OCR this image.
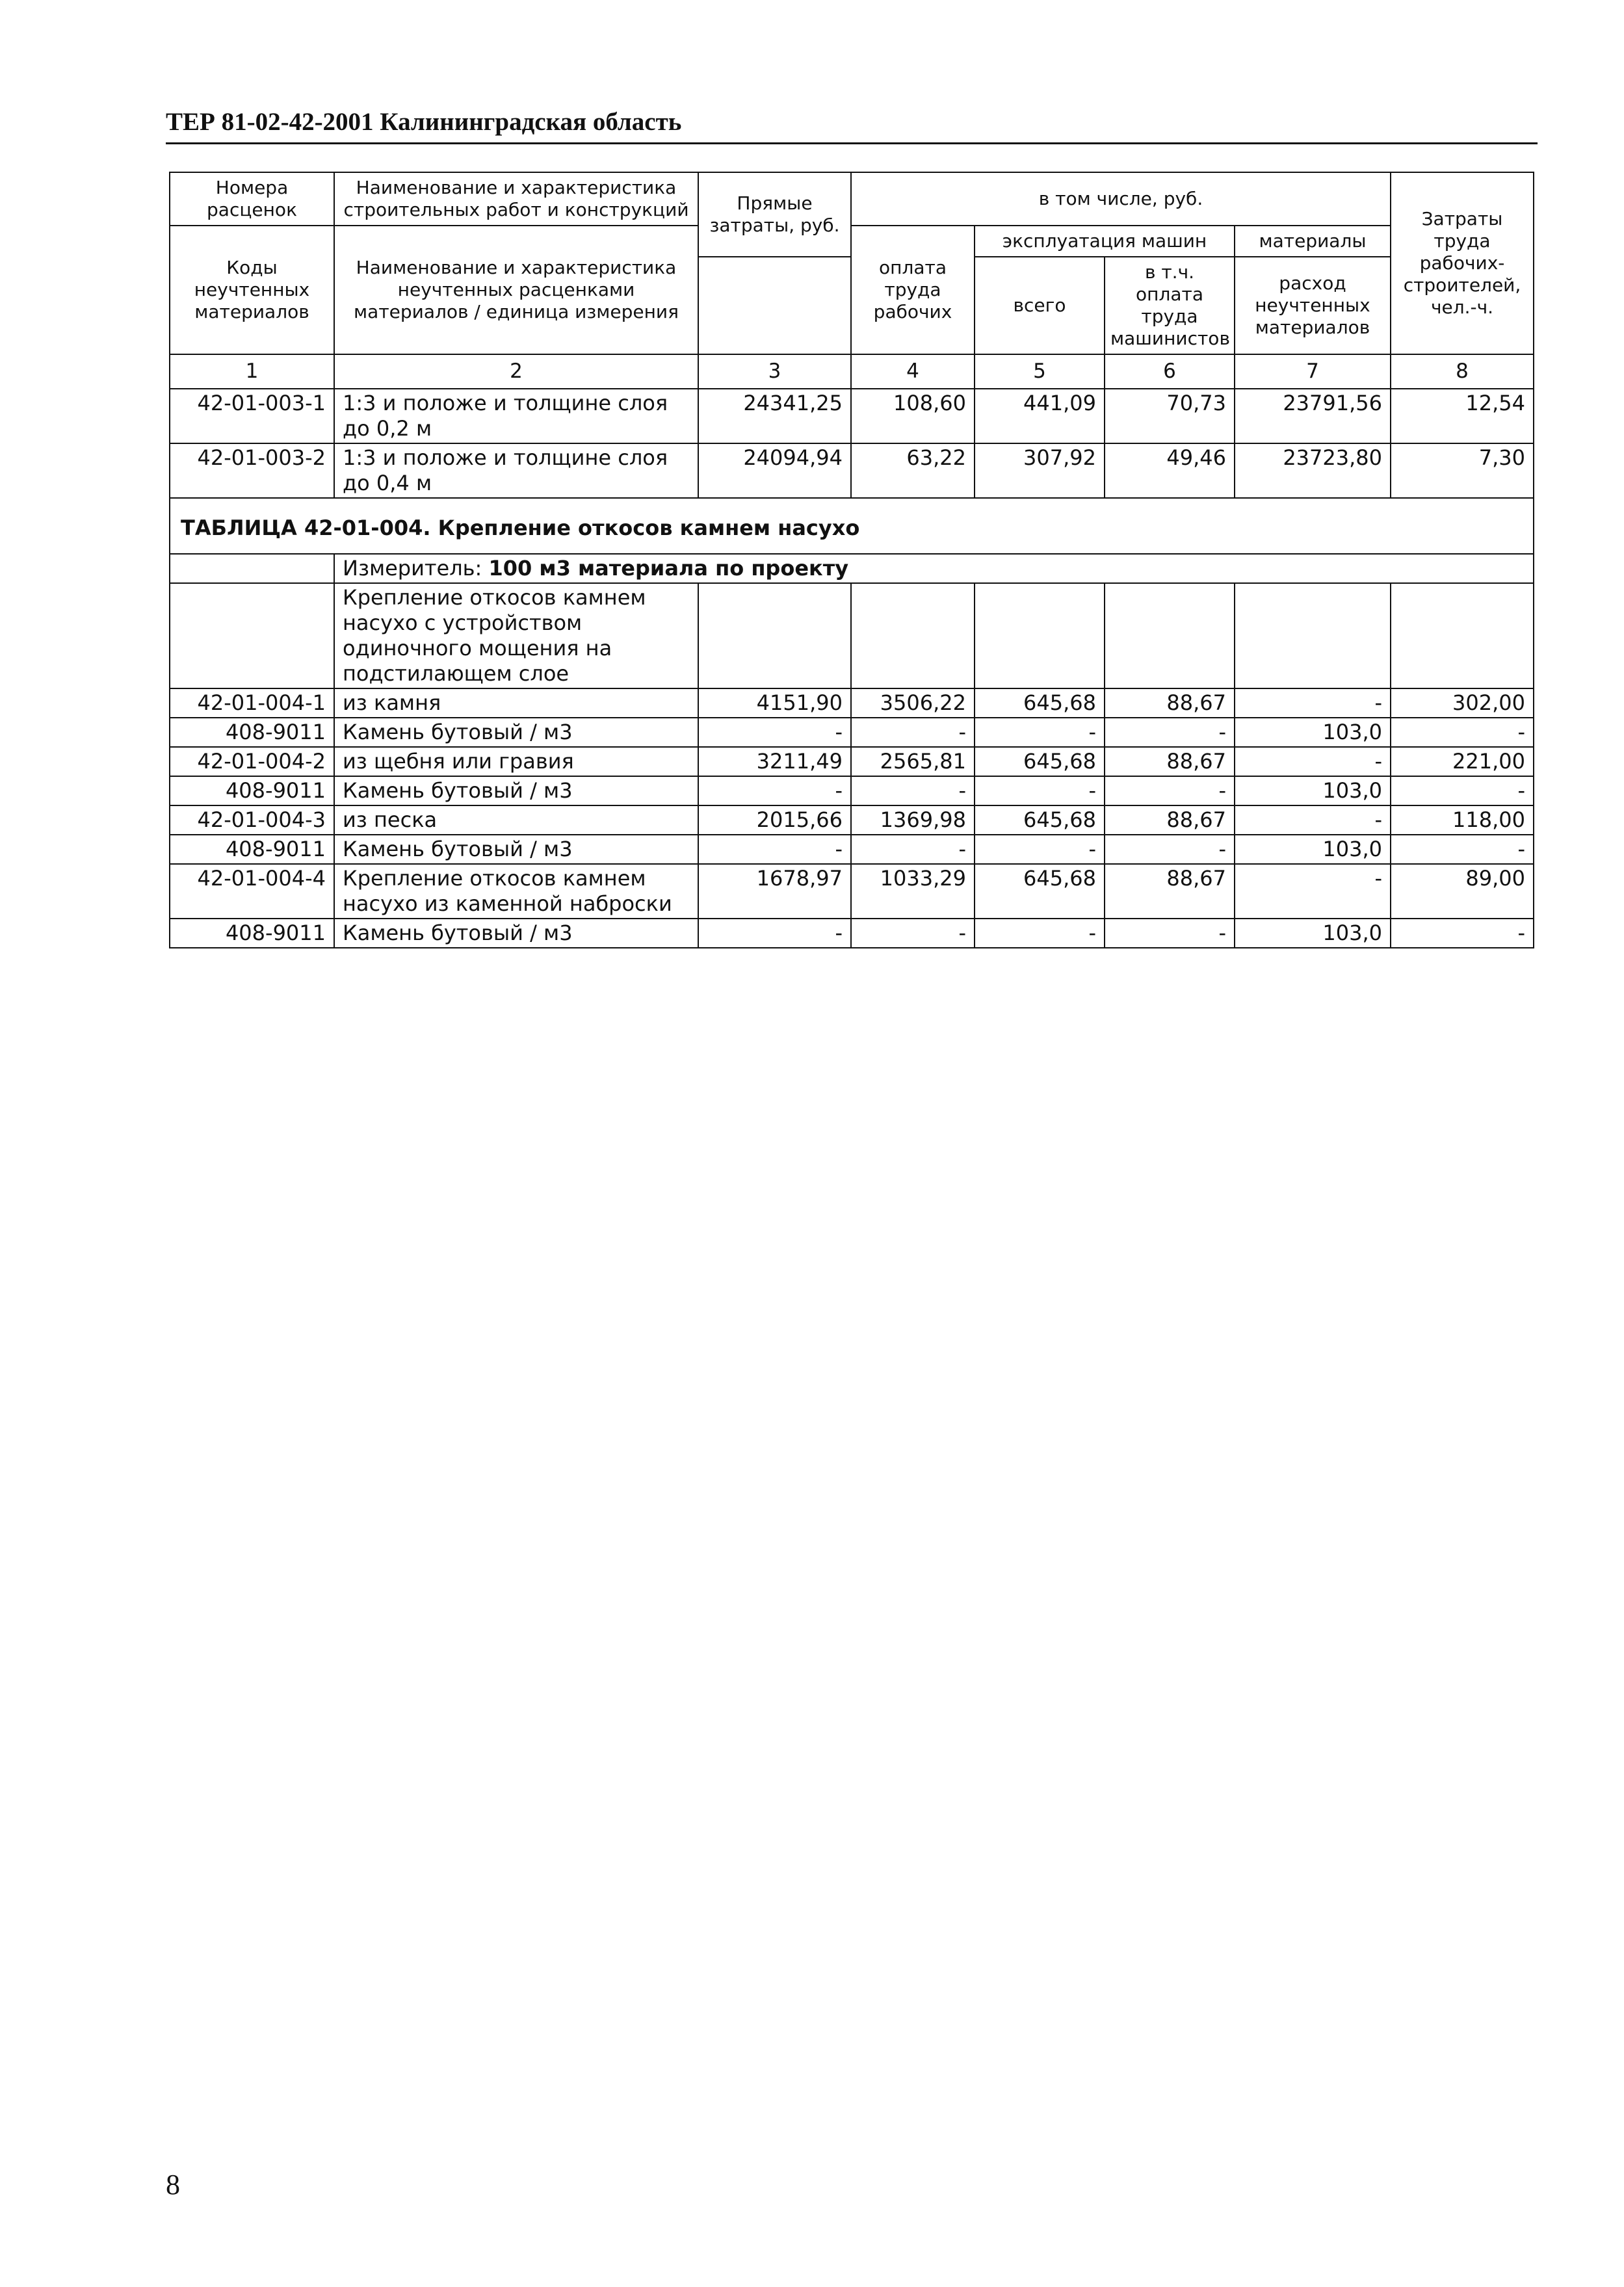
ТЕР 81-02-42-2001 Калининградская область
Номера расценок	Наименование и характеристика строительных работ и конструкций	Прямые затраты, руб.	в том числе, руб.				Затраты труда рабочих-строителей, чел.-ч.
Коды неучтенных материалов	Наименование и характеристика неучтенных расценками материалов / единица измерения		оплата труда рабочих	эксплуатация машин		материалы	
				всего	в т.ч. оплата труда машинистов	расход неучтенных материалов	

1	2	3	4	5	6	7	8
42-01-003-1	1:3 и положе и толщине слоя до 0,2 м	24341,25	108,60	441,09	70,73	23791,56	12,54
42-01-003-2	1:3 и положе и толщине слоя до 0,4 м	24094,94	63,22	307,92	49,46	23723,80	7,30
ТАБЛИЦА 42-01-004. Крепление откосов камнем насухо							
	Измеритель: 100 м3 материала по проекту						
	Крепление откосов камнем насухо с устройством одиночного мощения на подстилающем слое						
42-01-004-1	из камня	4151,90	3506,22	645,68	88,67	-	302,00
408-9011	Камень бутовый / м3	-	-	-	-	103,0	-
42-01-004-2	из щебня или гравия	3211,49	2565,81	645,68	88,67	-	221,00
408-9011	Камень бутовый / м3	-	-	-	-	103,0	-
42-01-004-3	из песка	2015,66	1369,98	645,68	88,67	-	118,00
408-9011	Камень бутовый / м3	-	-	-	-	103,0	-
42-01-004-4	Крепление откосов камнем насухо из каменной наброски	1678,97	1033,29	645,68	88,67	-	89,00
408-9011	Камень бутовый / м3	-	-	-	-	103,0	-
8
